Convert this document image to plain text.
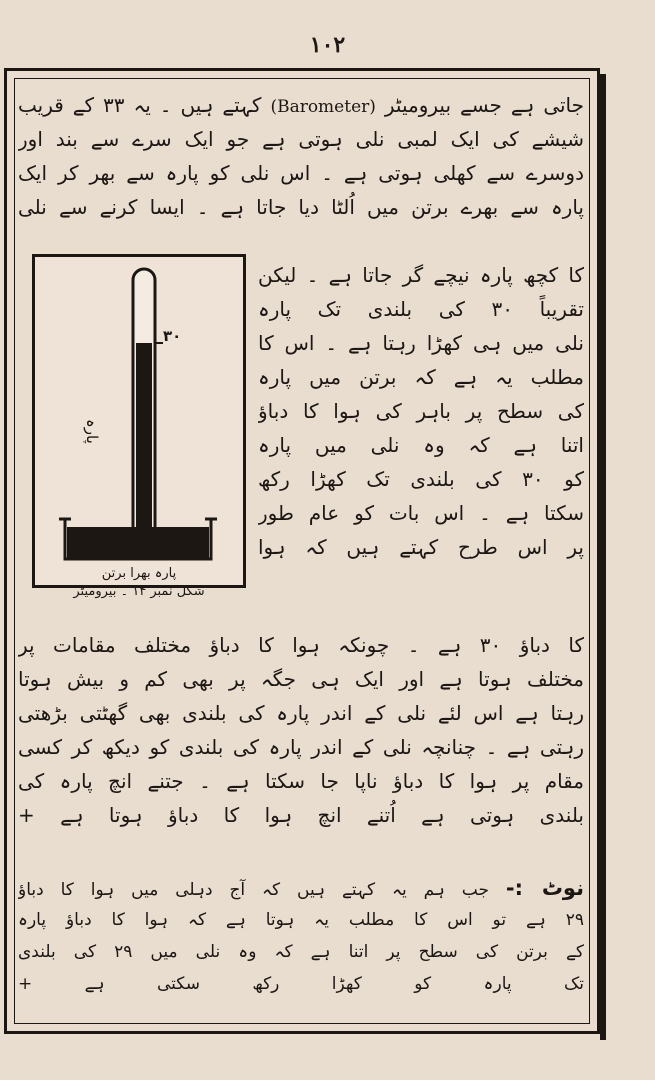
۱۰۲
جاتی ہے جسے بیرومیٹر (Barometer) کہتے ہیں ۔ یہ ۳۳ کے قریب
شیشے کی ایک لمبی نلی ہوتی ہے جو ایک سرے سے بند اور
دوسرے سے کھلی ہوتی ہے ۔ اس نلی کو پارہ سے بھر کر ایک
پارہ سے بھرے برتن میں اُلٹا دیا جاتا ہے ۔ ایسا کرنے سے نلی
کا کچھ پارہ نیچے گر جاتا ہے ۔ لیکن
تقریباً ۳۰ کی بلندی تک پارہ
نلی میں ہی کھڑا رہتا ہے ۔ اس کا
مطلب یہ ہے کہ برتن میں پارہ
کی سطح پر باہر کی ہوا کا دباؤ
اتنا ہے کہ وہ نلی میں پارہ
کو ۳۰ کی بلندی تک کھڑا رکھ
سکتا ہے ۔ اس بات کو عام طور
پر اس طرح کہتے ہیں کہ ہوا
۳۰
پارہ
پارہ بھرا برتن
شکل نمبر ۱۴ ۔ بیرومیٹر
کا دباؤ ۳۰ ہے ۔ چونکہ ہوا کا دباؤ مختلف مقامات پر
مختلف ہوتا ہے اور ایک ہی جگہ پر بھی کم و بیش ہوتا
رہتا ہے اس لئے نلی کے اندر پارہ کی بلندی بھی گھٹتی بڑھتی
رہتی ہے ۔ چنانچہ نلی کے اندر پارہ کی بلندی کو دیکھ کر کسی
مقام پر ہوا کا دباؤ ناپا جا سکتا ہے ۔ جتنے انچ پارہ کی
بلندی ہوتی ہے اُتنے انچ ہوا کا دباؤ ہوتا ہے +
نوٹ :- جب ہم یہ کہتے ہیں کہ آج دہلی میں ہوا کا دباؤ
۲۹ ہے تو اس کا مطلب یہ ہوتا ہے کہ ہوا کا دباؤ پارہ
کے برتن کی سطح پر اتنا ہے کہ وہ نلی میں ۲۹ کی بلندی
تک پارہ کو کھڑا رکھ سکتی ہے +
